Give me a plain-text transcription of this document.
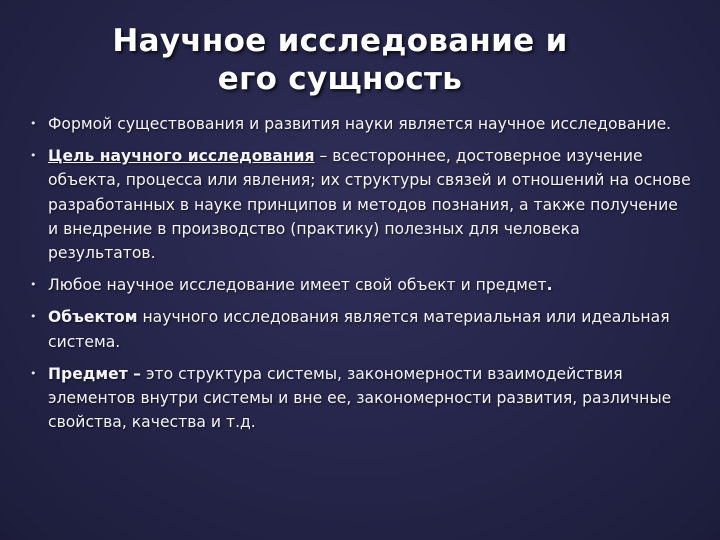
Научное исследование и
его сущность
• Формой существования и развития науки является научное исследование.
• Цель научного исследования – всестороннее, достоверное изучение объекта, процесса или явления; их структуры связей и отношений на основе разработанных в науке принципов и методов познания, а также получение и внедрение в производство (практику) полезных для человека результатов.
• Любое научное исследование имеет свой объект и предмет.
• Объектом научного исследования является материальная или идеальная система.
• Предмет – это структура системы, закономерности взаимодействия элементов внутри системы и вне ее, закономерности развития, различные свойства, качества и т.д.
